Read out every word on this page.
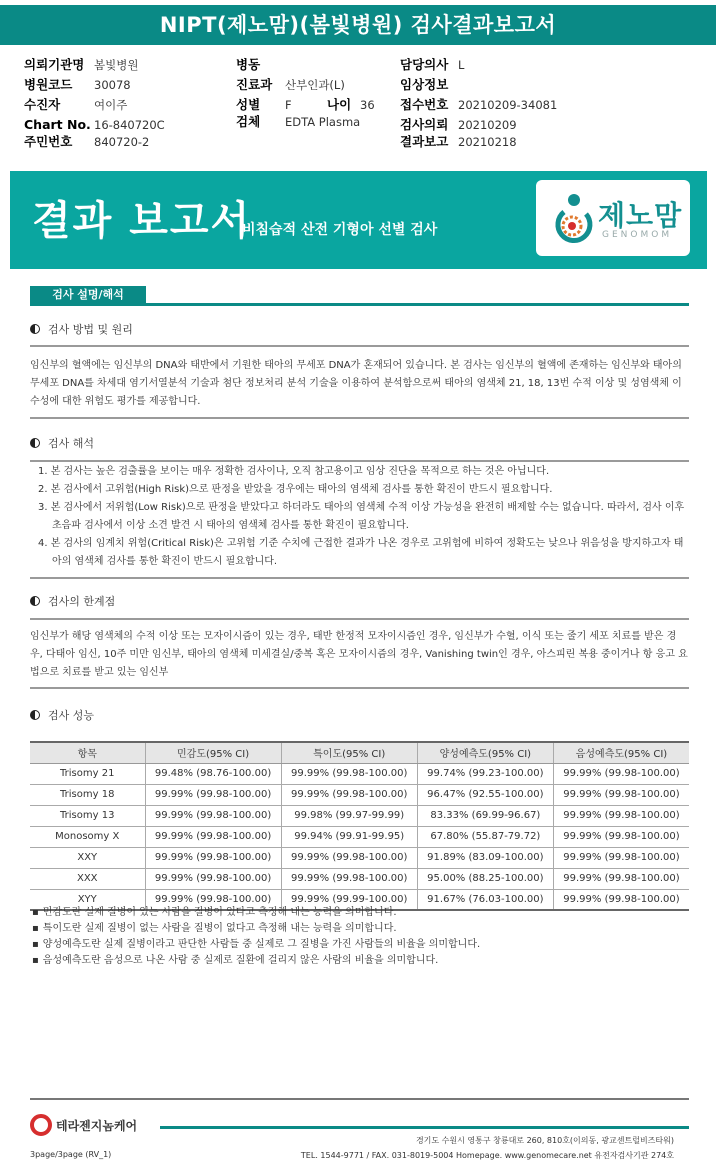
NIPT(제노맘)(봄빛병원) 검사결과보고서
의뢰기관명 봄빛병원
병원코드 30078
수진자	여이주
Chart No. 16-840720C
주민번호 840720-2
병동
진료과 산부인과(L)
성별 F	나이 36
검체 EDTA Plasma
담당의사 L
임상정보
접수번호 20210209-34081
검사의뢰 20210209
결과보고 20210218
결과 보고서
비침습적 산전 기형아 선별 검사	제노맘
GENOMOM
검사 설명/해석
검사 방법 및 원리
임신부의 혈액에는 임신부의 DNA와 태반에서 기원한 태아의 무세포 DNA가 혼재되어 있습니다. 본 검사는 임신부의 혈액에 존재하는 임신부와 태아의 무세포 DNA를 차세대 염기서열분석 기술과 첨단 정보처리 분석 기술을 이용하여 분석함으로써 태아의 염색체 21, 18, 13번 수적 이상 및 성염색체 이수성에 대한 위험도 평가를 제공합니다.
검사 해석
1. 본 검사는 높은 검출률을 보이는 매우 정확한 검사이나, 오직 참고용이고 임상 진단을 목적으로 하는 것은 아닙니다.
2. 본 검사에서 고위험(High Risk)으로 판정을 받았을 경우에는 태아의 염색체 검사를 통한 확진이 반드시 필요합니다.
3. 본 검사에서 저위험(Low Risk)으로 판정을 받았다고 하더라도 태아의 염색체 수적 이상 가능성을 완전히 배제할 수는 없습니다. 따라서, 검사 이후 초음파 검사에서 이상 소견 발견 시 태아의 염색체 검사를 통한 확진이 필요합니다.
4. 본 검사의 임계치 위험(Critical Risk)은 고위험 기준 수치에 근접한 결과가 나온 경우로 고위험에 비하여 정확도는 낮으나 위음성을 방지하고자 태아의 염색체 검사를 통한 확진이 반드시 필요합니다.
검사의 한계점
임신부가 해당 염색체의 수적 이상 또는 모자이시즘이 있는 경우, 태반 한정적 모자이시즘인 경우, 임신부가 수혈, 이식 또는 줄기 세포 치료를 받은 경우, 다태아 임신, 10주 미만 임신부, 태아의 염색체 미세결실/중복 혹은 모자이시즘의 경우, Vanishing twin인 경우, 아스피린 복용 중이거나 항 응고 요법으로 치료를 받고 있는 임신부
검사 성능
항목	민감도(95% CI)	특이도(95% CI)	양성예측도(95% CI)	음성예측도(95% CI)
Trisomy 21	99.48% (98.76-100.00)	99.99% (99.98-100.00)	99.74% (99.23-100.00)	99.99% (99.98-100.00)
Trisomy 18	99.99% (99.98-100.00)	99.99% (99.98-100.00)	96.47% (92.55-100.00)	99.99% (99.98-100.00)
Trisomy 13	99.99% (99.98-100.00)	99.98% (99.97-99.99)	83.33% (69.99-96.67)	99.99% (99.98-100.00)
Monosomy X	99.99% (99.98-100.00)	99.94% (99.91-99.95)	67.80% (55.87-79.72)	99.99% (99.98-100.00)
XXY	99.99% (99.98-100.00)	99.99% (99.98-100.00)	91.89% (83.09-100.00)	99.99% (99.98-100.00)
XXX	99.99% (99.98-100.00)	99.99% (99.98-100.00)	95.00% (88.25-100.00)	99.99% (99.98-100.00)
XYY	99.99% (99.98-100.00)	99.99% (99.99-100.00)	91.67% (76.03-100.00)	99.99% (99.98-100.00)
▪ 민감도란 실제 질병이 있는 사람을 질병이 있다고 측정해 내는 능력을 의미합니다.
▪ 특이도란 실제 질병이 없는 사람을 질병이 없다고 측정해 내는 능력을 의미합니다.
▪ 양성예측도란 실제 질병이라고 판단한 사람들 중 실제로 그 질병을 가진 사람들의 비율을 의미합니다.
▪ 음성예측도란 음성으로 나온 사람 중 실제로 질환에 걸리지 않은 사람의 비율을 의미합니다.
테라젠지놈케어
경기도 수원시 영통구 창룡대로 260, 810호(이의동, 광교센트럴비즈타워)
TEL. 1544-9771 / FAX. 031-8019-5004 Homepage. www.genomecare.net 유전자검사기관 274호
3page/3page (RV_1)
